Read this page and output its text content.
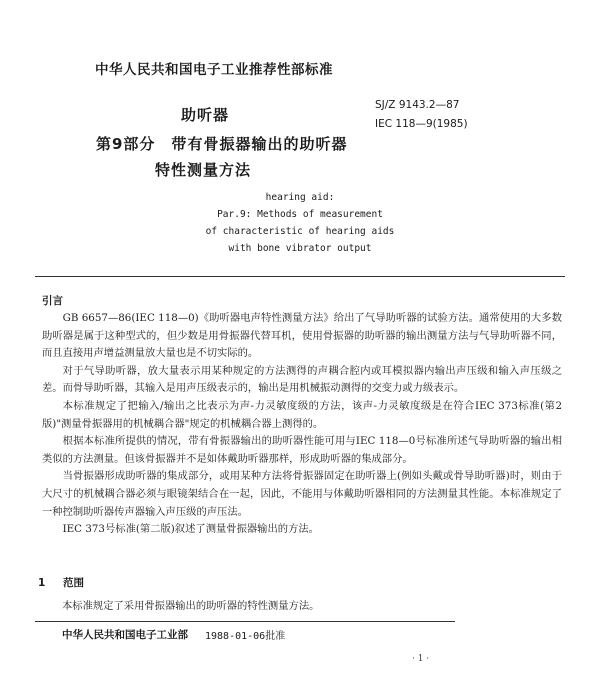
中华人民共和国电子工业推荐性部标准
SJ/Z 9143.2—87
IEC 118—9(1985)
助听器
第9部分　带有骨振器输出的助听器
特性测量方法
hearing aid:
Par.9: Methods of measurement
of characteristic of hearing aids
with bone vibrator output
引言

GB 6657—86(IEC 118—0)《助听器电声特性测量方法》给出了气导助听器的试验方法。通常使用的大多数助听器是属于这种型式的，但少数是用骨振器代替耳机，使用骨振器的助听器的输出测量方法与气导助听器不同，而且直接用声增益测量放大量也是不切实际的。

对于气导助听器，放大量表示用某种规定的方法测得的声耦合腔内或耳模拟器内输出声压级和输入声压级之差。而骨导助听器，其输入是用声压级表示的，输出是用机械振动测得的交变力或力级表示。

本标准规定了把输入/输出之比表示为声-力灵敏度级的方法，该声-力灵敏度级是在符合IEC 373标准(第2版)"测量骨振器用的机械耦合器"规定的机械耦合器上测得的。

根据本标准所提供的情况，带有骨振器输出的助听器性能可用与IEC 118—0号标准所述气导助听器的输出相类似的方法测量。但该骨振器并不是如体戴助听器那样，形成助听器的集成部分。

当骨振器形成助听器的集成部分，或用某种方法将骨振器固定在助听器上(例如头戴或骨导助听器)时，则由于大尺寸的机械耦合器必须与眼镜架结合在一起，因此，不能用与体戴助听器相同的方法测量其性能。本标准规定了一种控制助听器传声器输入声压级的声压法。

IEC 373号标准(第二版)叙述了测量骨振器输出的方法。

1 范围
本标准规定了采用骨振器输出的助听器的特性测量方法。
中华人民共和国电子工业部 1988-01-06批准
· 1 ·
